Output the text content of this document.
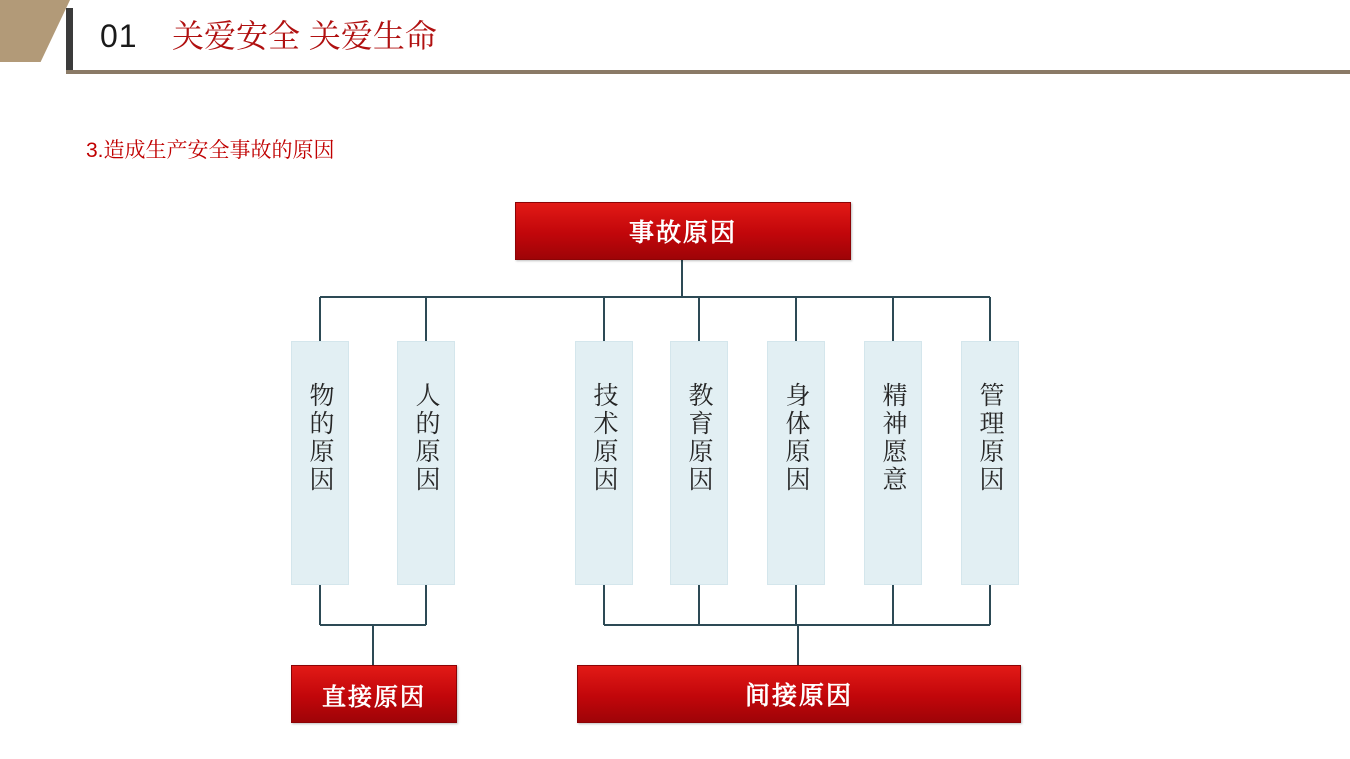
01 关爱安全 关爱生命
3.造成生产安全事故的原因
事故原因
物的原因	人的原因	技术原因	教育原因	身体原因	精神愿意	管理原因
直接原因	间接原因
